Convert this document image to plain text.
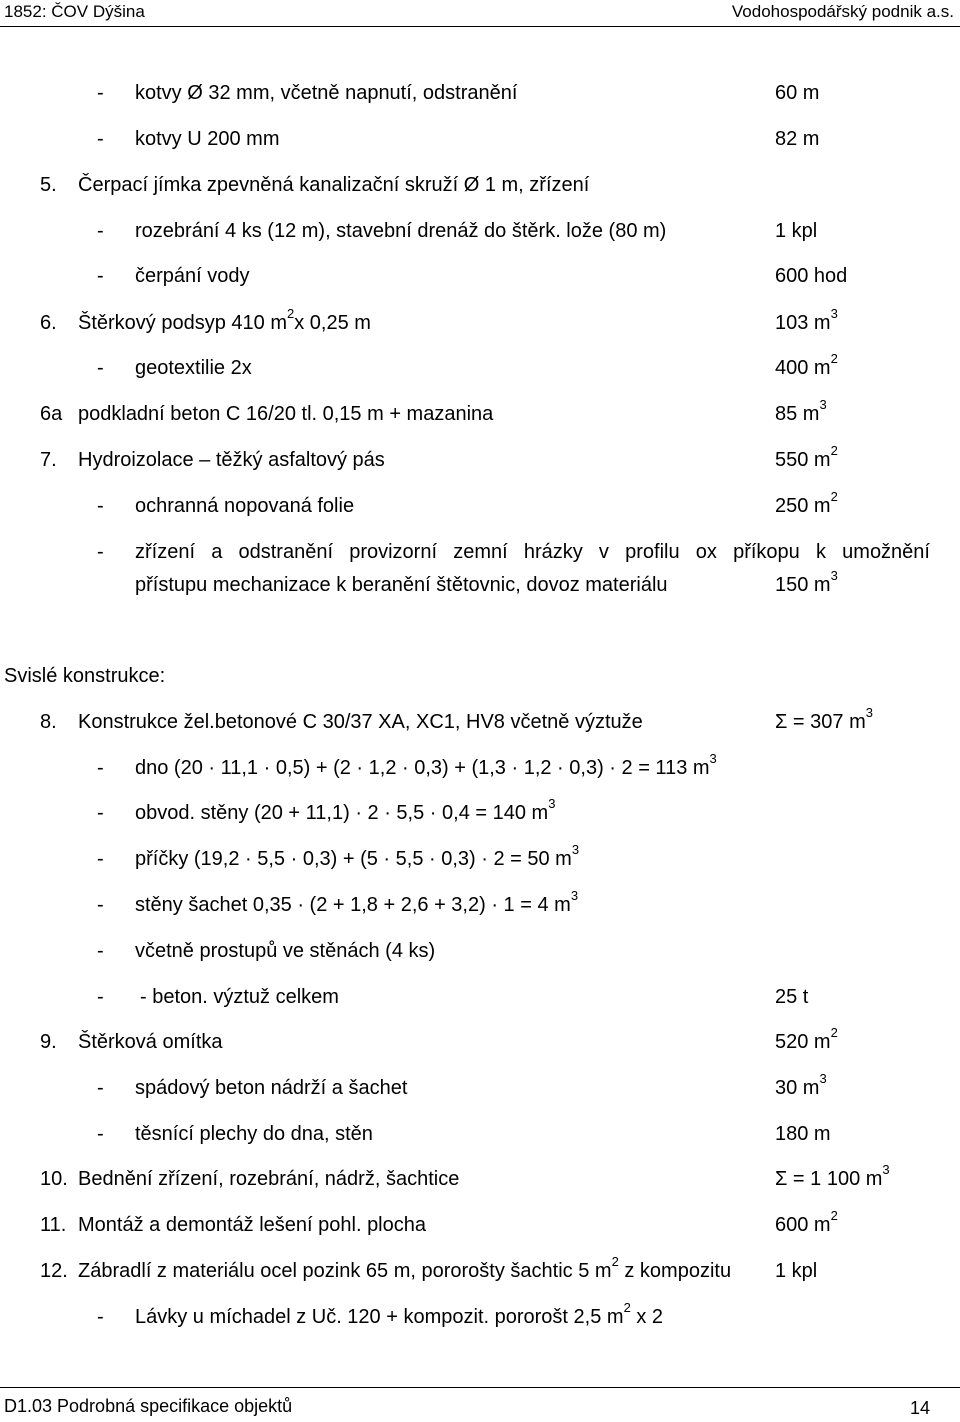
1852: ČOV Dýšina	Vodohospodářský podnik a.s.
- kotvy Ø 32 mm, včetně napnutí, odstranění	60 m
- kotvy U 200 mm	82 m
5. Čerpací jímka zpevněná kanalizační skruží Ø 1 m, zřízení
- rozebrání 4 ks (12 m), stavební drenáž do štěrk. lože (80 m)	1 kpl
- čerpání vody	600 hod
6. Štěrkový podsyp 410 $m^2x$ 0,25 m	103 $m^3$
- geotextilie 2x	400 $m^2$
6a podkladní beton C 16/20 tl. 0,15 m + mazanina	85 $m^3$
7. Hydroizolace – těžký asfaltový pás	550 $m^2$
- ochranná nopovaná folie	250 $m^2$
- zřízení a odstranění provizorní zemní hrázky v profilu ox příkopu k umožnění
přístupu mechanizace k beranění štětovnic, dovoz materiálu	150 $m^3$
Svislé konstrukce:
8. Konstrukce žel.betonové C 30/37 XA, XC1, HV8 včetně výztuže	Σ = 307 $m^3$
- dno (20 · 11,1 · 0,5) + (2 · 1,2 · 0,3) + (1,3 · 1,2 · 0,3) · 2 = 113 $m^3$
- obvod. stěny (20 + 11,1) · 2 · 5,5 · 0,4 = 140 $m^3$
- příčky (19,2 · 5,5 · 0,3) + (5 · 5,5 · 0,3) · 2 = 50 $m^3$
- stěny šachet 0,35 · (2 + 1,8 + 2,6 + 3,2) · 1 = 4 $m^3$
- včetně prostupů ve stěnách (4 ks)
- - beton. výztuž celkem	25 t
9. Štěrková omítka	520 $m^2$
- spádový beton nádrží a šachet	30 $m^3$
- těsnící plechy do dna, stěn	180 m
10. Bednění zřízení, rozebrání, nádrž, šachtice	Σ = 1 100 $m^3$
11. Montáž a demontáž lešení pohl. plocha	600 $m^2$
12. Zábradlí z materiálu ocel pozink 65 m, pororošty šachtic 5 $m^2$ z kompozitu 1 kpl
- Lávky u míchadel z Uč. 120 + kompozit. pororošt 2,5 $m^2$ x 2
D1.03 Podrobná specifikace objektů	14
